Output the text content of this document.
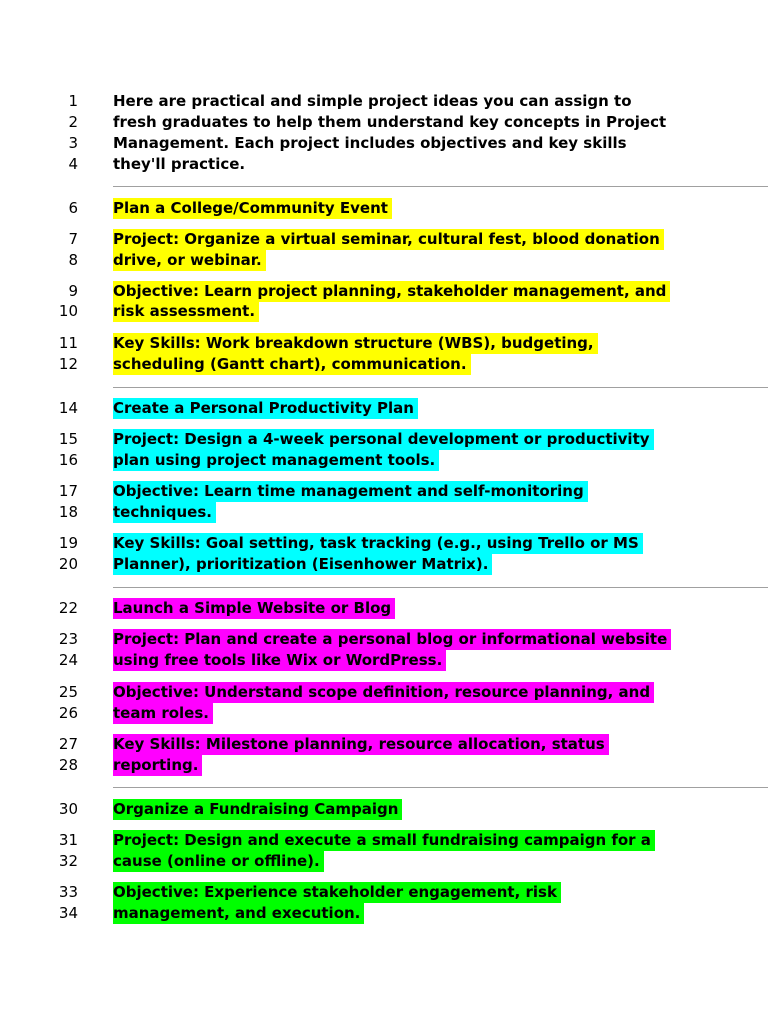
1 Here are practical and simple project ideas you can assign to
2 fresh graduates to help them understand key concepts in Project
3 Management. Each project includes objectives and key skills
4 they'll practice.
6 Plan a College/Community Event
7 Project: Organize a virtual seminar, cultural fest, blood donation
8 drive, or webinar.
9 Objective: Learn project planning, stakeholder management, and
10 risk assessment.
11 Key Skills: Work breakdown structure (WBS), budgeting,
12 scheduling (Gantt chart), communication.
14 Create a Personal Productivity Plan
15 Project: Design a 4-week personal development or productivity
16 plan using project management tools.
17 Objective: Learn time management and self-monitoring
18 techniques.
19 Key Skills: Goal setting, task tracking (e.g., using Trello or MS
20 Planner), prioritization (Eisenhower Matrix).
22 Launch a Simple Website or Blog
23 Project: Plan and create a personal blog or informational website
24 using free tools like Wix or WordPress.
25 Objective: Understand scope definition, resource planning, and
26 team roles.
27 Key Skills: Milestone planning, resource allocation, status
28 reporting.
30 Organize a Fundraising Campaign
31 Project: Design and execute a small fundraising campaign for a
32 cause (online or offline).
33 Objective: Experience stakeholder engagement, risk
34 management, and execution.
